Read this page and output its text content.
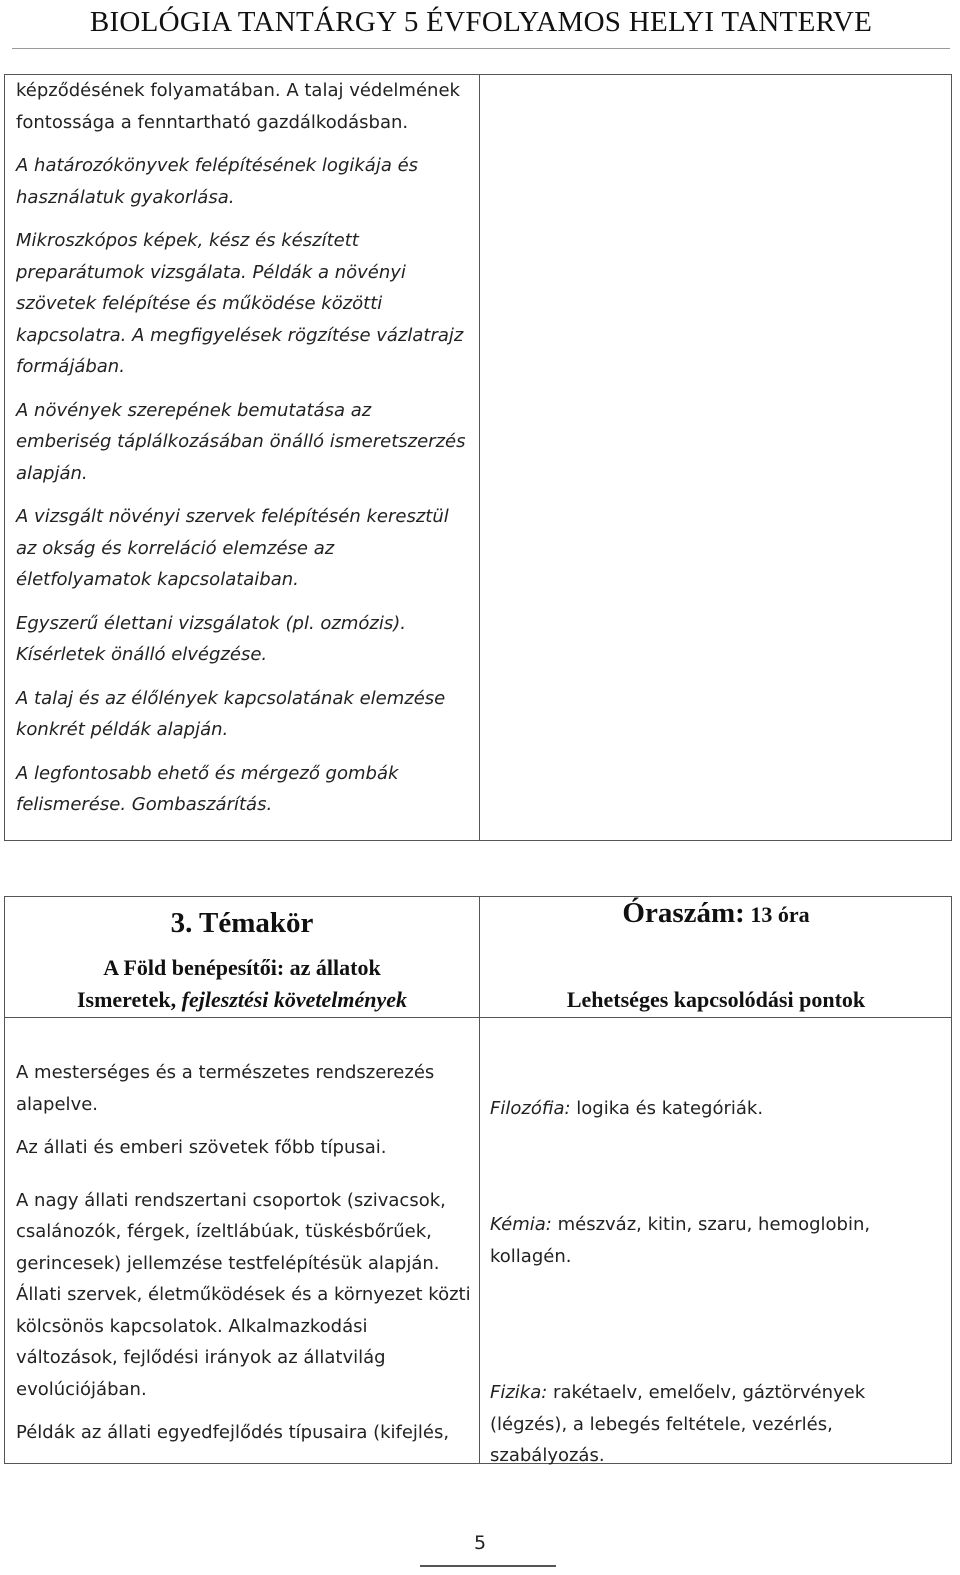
BIOLÓGIA TANTÁRGY 5 ÉVFOLYAMOS HELYI TANTERVE

képződésének folyamatában. A talaj védelmének fontossága a fenntartható gazdálkodásban.

A határozókönyvek felépítésének logikája és használatuk gyakorlása.

Mikroszkópos képek, kész és készített preparátumok vizsgálata. Példák a növényi szövetek felépítése és működése közötti kapcsolatra. A megfigyelések rögzítése vázlatrajz formájában.

A növények szerepének bemutatása az emberiség táplálkozásában önálló ismeretszerzés alapján.

A vizsgált növényi szervek felépítésén keresztül az okság és korreláció elemzése az életfolyamatok kapcsolataiban.

Egyszerű élettani vizsgálatok (pl. ozmózis). Kísérletek önálló elvégzése.

A talaj és az élőlények kapcsolatának elemzése konkrét példák alapján.

A legfontosabb ehető és mérgező gombák felismerése. Gombaszárítás.

3. Témakör
A Föld benépesítői: az állatok
Ismeretek, fejlesztési követelmények
Óraszám: 13 óra
Lehetséges kapcsolódási pontok

A mesterséges és a természetes rendszerezés alapelve.

Az állati és emberi szövetek főbb típusai.

A nagy állati rendszertani csoportok (szivacsok, csalánozók, férgek, ízeltlábúak, tüskésbőrűek, gerincesek) jellemzése testfelépítésük alapján. Állati szervek, életműködések és a környezet közti kölcsönös kapcsolatok. Alkalmazkodási változások, fejlődési irányok az állatvilág evolúciójában.

Példák az állati egyedfejlődés típusaira (kifejlés,

Filozófia: logika és kategóriák.
Kémia: mészváz, kitin, szaru, hemoglobin, kollagén.
Fizika: rakétaelv, emelőelv, gáztörvények (légzés), a lebegés feltétele, vezérlés, szabályozás.
5
